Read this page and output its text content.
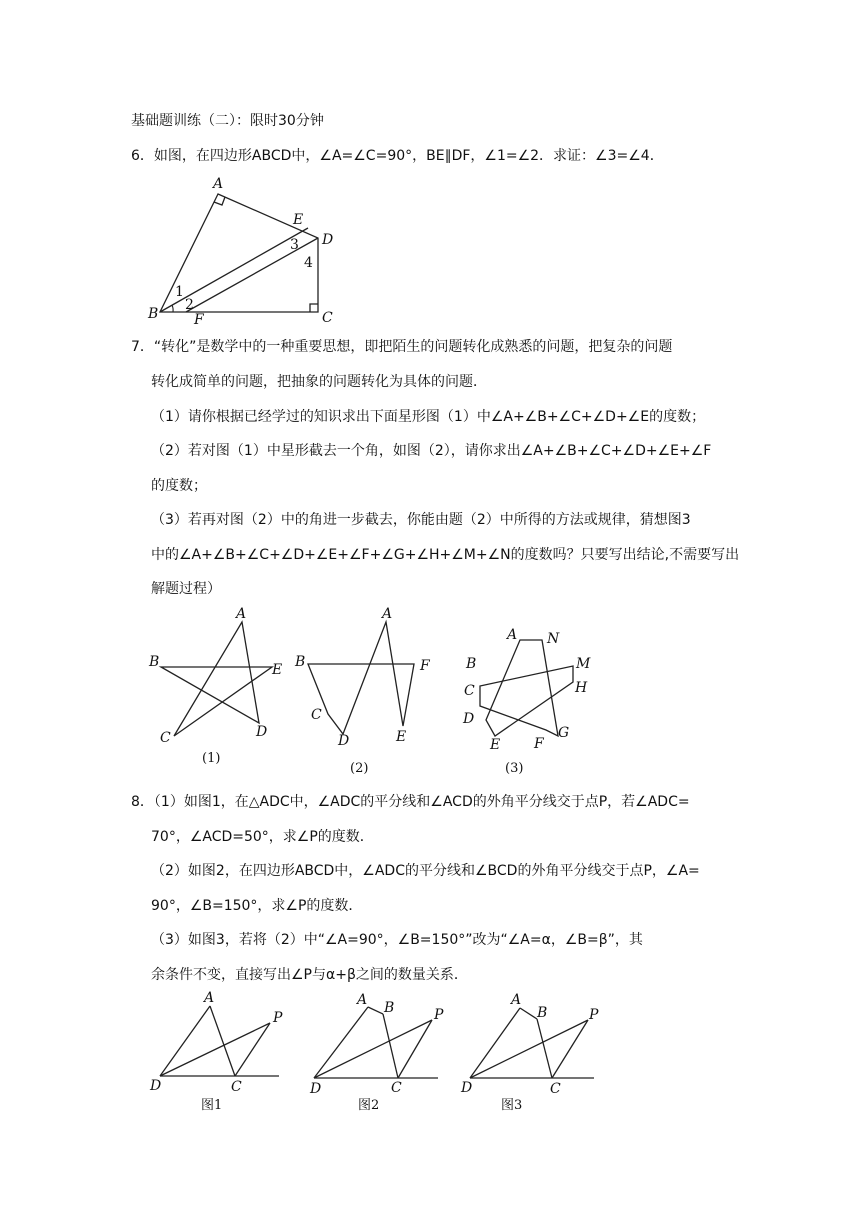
基础题训练（二）：限时30分钟
6．如图，在四边形ABCD中，∠A=∠C=90°，BE∥DF，∠1=∠2．求证：∠3=∠4．
A
B	C
D
E
F
1
2
3
4
7．“转化”是数学中的一种重要思想，即把陌生的问题转化成熟悉的问题，把复杂的问题
转化成简单的问题，把抽象的问题转化为具体的问题．
（1）请你根据已经学过的知识求出下面星形图（1）中∠A+∠B+∠C+∠D+∠E的度数；
（2）若对图（1）中星形截去一个角，如图（2），请你求出∠A+∠B+∠C+∠D+∠E+∠F
的度数；
（3）若再对图（2）中的角进一步截去，你能由题（2）中所得的方法或规律，猜想图3
中的∠A+∠B+∠C+∠D+∠E+∠F+∠G+∠H+∠M+∠N的度数吗？只要写出结论,不需要写出
解题过程）
A
B
C	D
E
(1)
A
B
C
D	E
F
(2)
A N
B	M
C	H
D
E F
G
(3)
8．（1）如图1，在△ADC中，∠ADC的平分线和∠ACD的外角平分线交于点P，若∠ADC=
70°，∠ACD=50°，求∠P的度数．
（2）如图2，在四边形ABCD中，∠ADC的平分线和∠BCD的外角平分线交于点P，∠A=
90°，∠B=150°，求∠P的度数．
（3）如图3，若将（2）中“∠A=90°，∠B=150°”改为“∠A=α，∠B=β”，其
余条件不变，直接写出∠P与α+β之间的数量关系．
A
P
D	C
图1
A B	P
D	C
图2
A
B	P
D	C
图3
